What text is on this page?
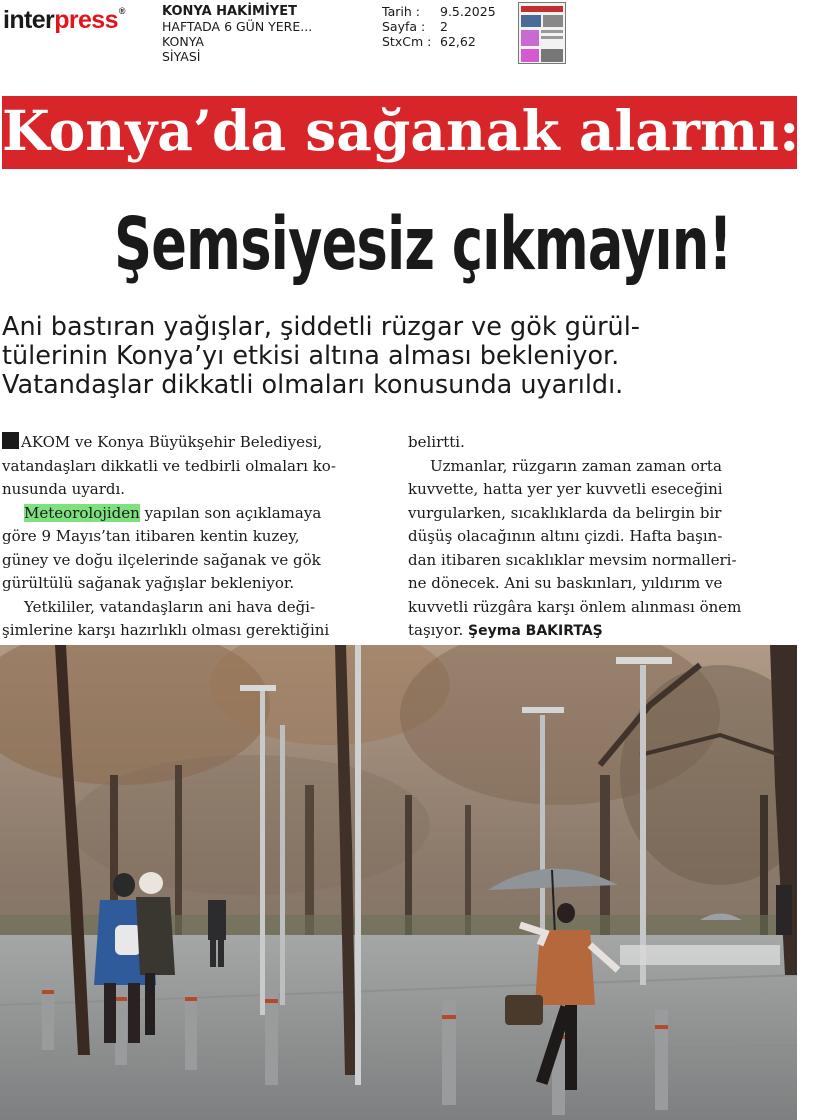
interpress®	KONYA HAKİMİYET
HAFTADA 6 GÜN YERE...
KONYA
SİYASİ
Tarih :	9.5.2025
Sayfa :	2
StxCm : 62,62
Konya’da sağanak alarmı:
Şemsiyesiz çıkmayın!
Ani bastıran yağışlar, şiddetli rüzgar ve gök gürül-
tülerinin Konya’yı etkisi altına alması bekleniyor.
Vatandaşlar dikkatli olmaları konusunda uyarıldı.
AKOM ve Konya Büyükşehir Belediyesi,
vatandaşları dikkatli ve tedbirli olmaları ko-
nusunda uyardı.
Meteorolojiden yapılan son açıklamaya
göre 9 Mayıs’tan itibaren kentin kuzey,
güney ve doğu ilçelerinde sağanak ve gök
gürültülü sağanak yağışlar bekleniyor.
Yetkililer, vatandaşların ani hava deği-
şimlerine karşı hazırlıklı olması gerektiğini
belirtti.
Uzmanlar, rüzgarın zaman zaman orta
kuvvette, hatta yer yer kuvvetli eseceğini
vurgularken, sıcaklıklarda da belirgin bir
düşüş olacağının altını çizdi. Hafta başın-
dan itibaren sıcaklıklar mevsim normalleri-
ne dönecek. Ani su baskınları, yıldırım ve
kuvvetli rüzgâra karşı önlem alınması önem
taşıyor. Şeyma BAKIRTAŞ
